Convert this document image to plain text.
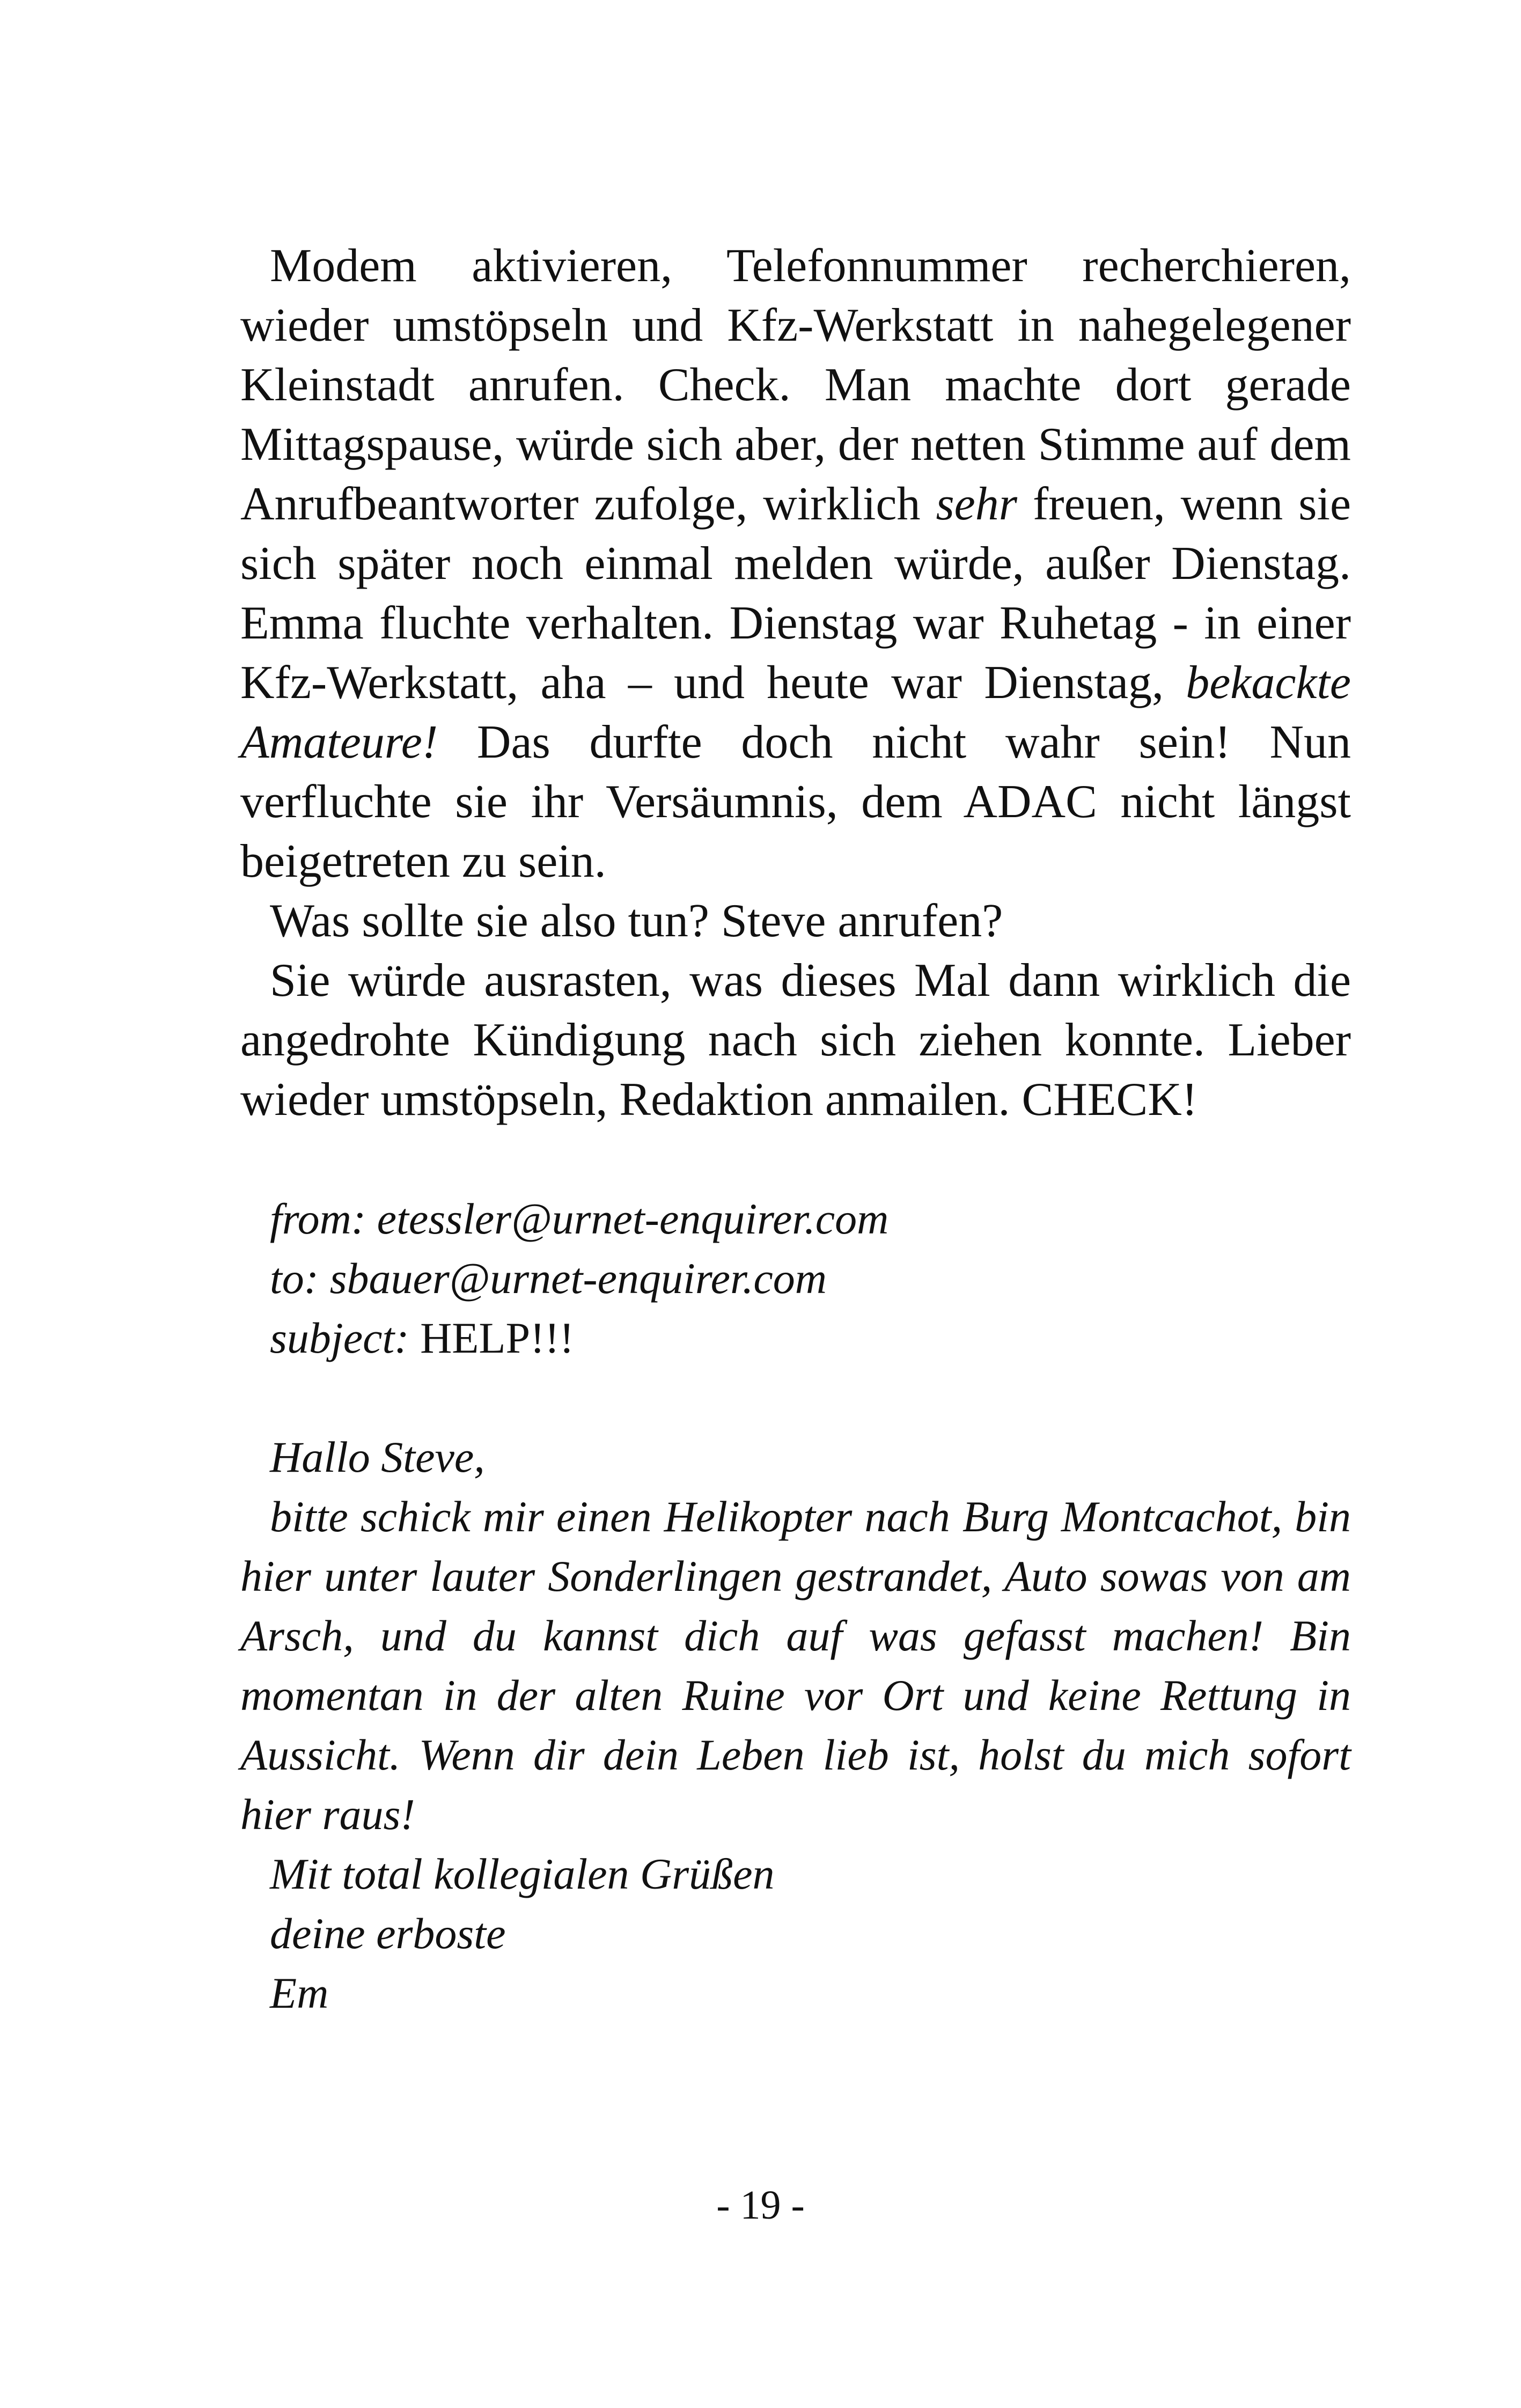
Modem aktivieren, Telefonnummer recherchieren, wieder umstöpseln und Kfz-Werkstatt in nahegelegener Kleinstadt anrufen. Check. Man machte dort gerade Mittagspause, würde sich aber, der netten Stimme auf dem Anrufbeantworter zufolge, wirklich sehr freuen, wenn sie sich später noch einmal melden würde, außer Dienstag. Emma fluchte verhalten. Dienstag war Ruhetag - in einer Kfz-Werkstatt, aha – und heute war Dienstag, bekackte Amateure! Das durfte doch nicht wahr sein! Nun verfluchte sie ihr Versäumnis, dem ADAC nicht längst beigetreten zu sein.

Was sollte sie also tun? Steve anrufen?

Sie würde ausrasten, was dieses Mal dann wirklich die angedrohte Kündigung nach sich ziehen konnte. Lieber wieder umstöpseln, Redaktion anmailen. CHECK!

from: etessler@urnet-enquirer.com
to: sbauer@urnet-enquirer.com
subject: HELP!!!
Hallo Steve,

bitte schick mir einen Helikopter nach Burg Montcachot, bin hier unter lauter Sonderlingen gestrandet, Auto sowas von am Arsch, und du kannst dich auf was gefasst machen! Bin momentan in der alten Ruine vor Ort und keine Rettung in Aussicht. Wenn dir dein Leben lieb ist, holst du mich sofort hier raus!

Mit total kollegialen Grüßen
deine erboste
Em
- 19 -
